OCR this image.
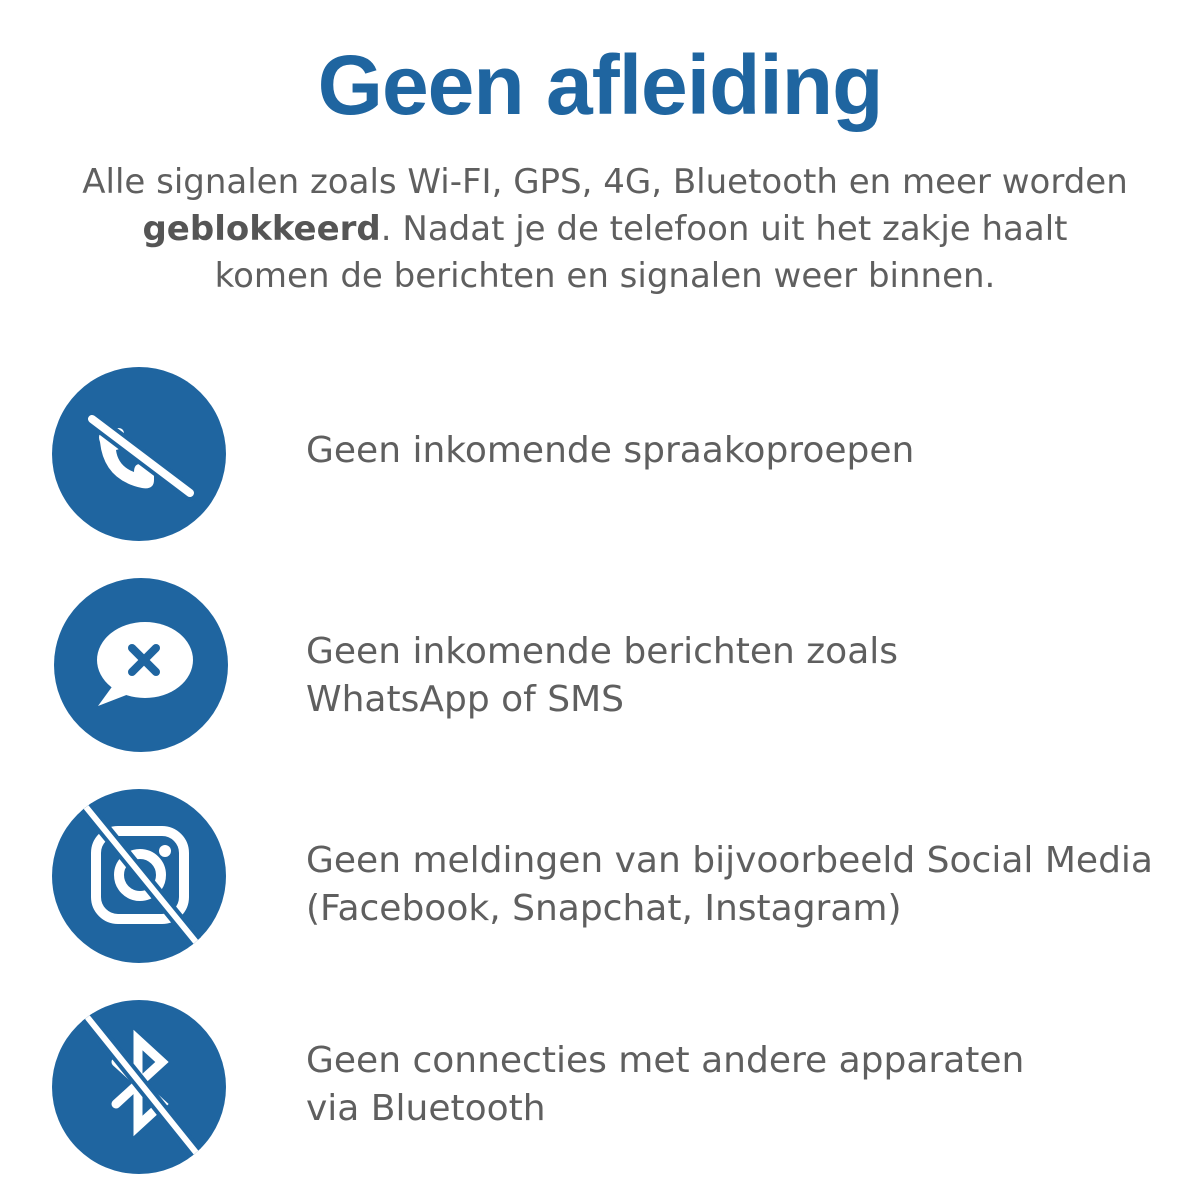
Geen afleiding

Alle signalen zoals Wi-FI, GPS, 4G, Bluetooth en meer worden
geblokkeerd. Nadat je de telefoon uit het zakje haalt
komen de berichten en signalen weer binnen.

Geen inkomende spraakoproepen
Geen inkomende berichten zoals
WhatsApp of SMS
Geen meldingen van bijvoorbeeld Social Media
(Facebook, Snapchat, Instagram)
Geen connecties met andere apparaten
via Bluetooth
